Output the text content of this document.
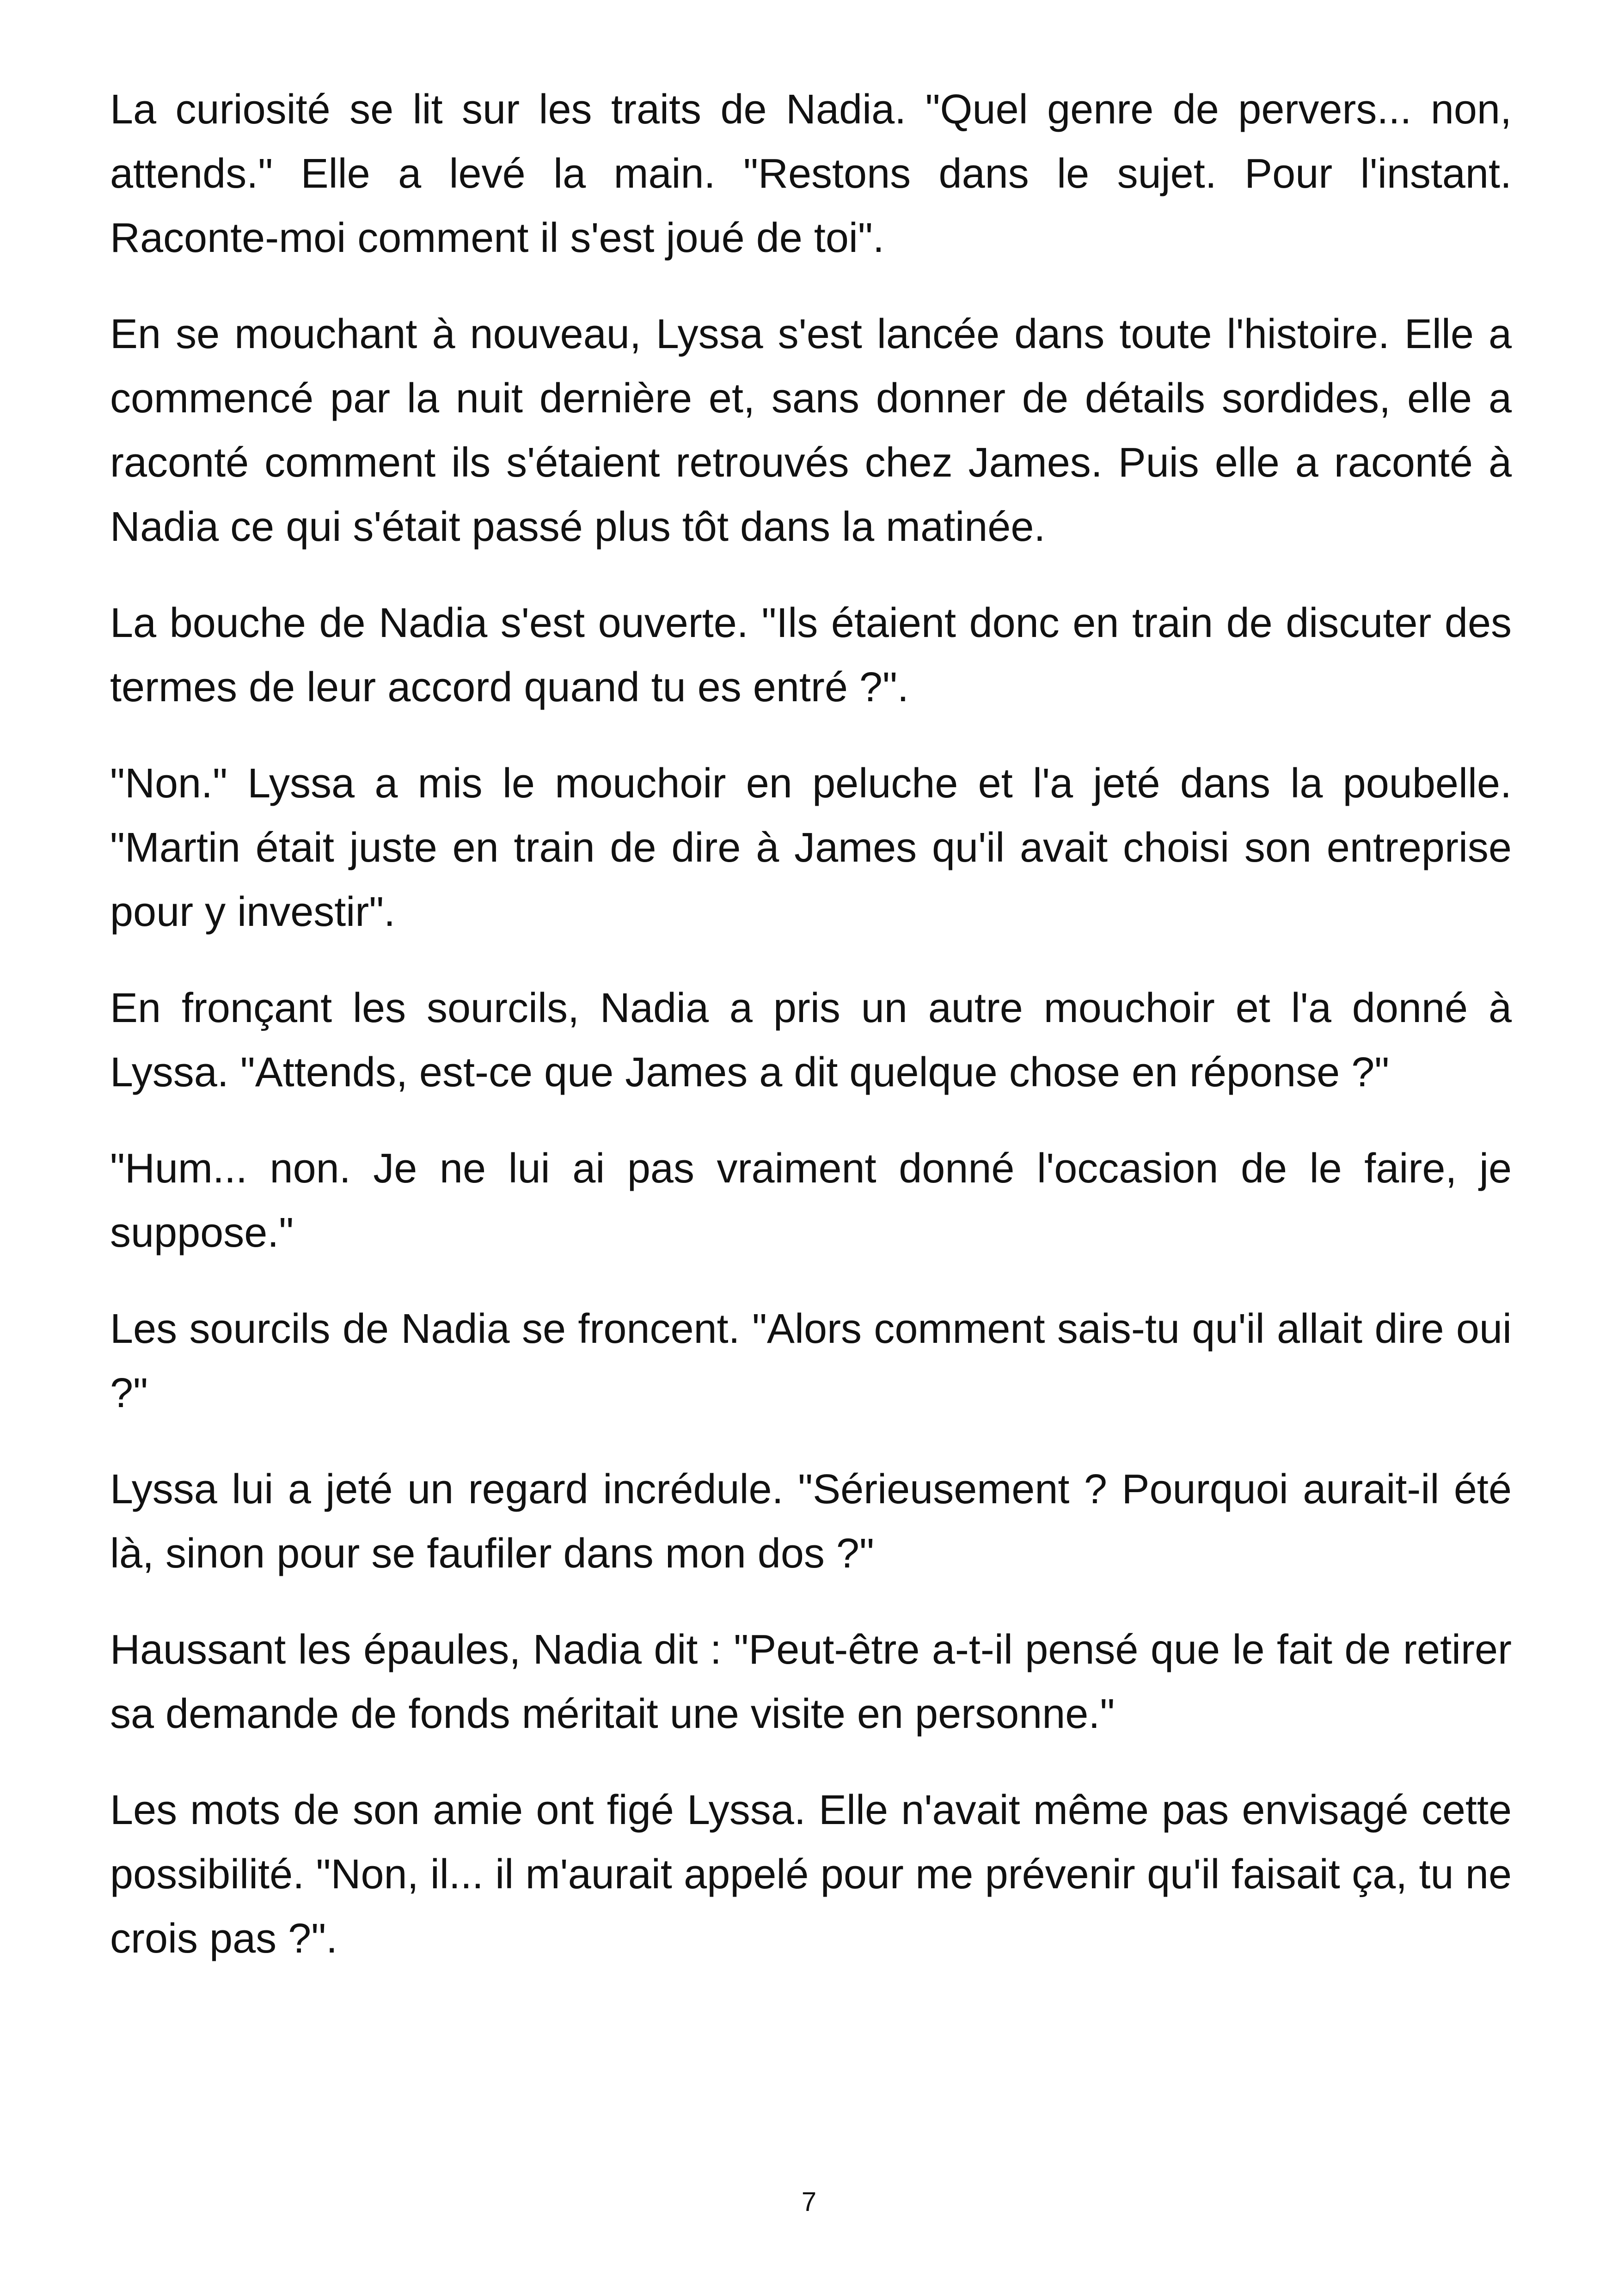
La curiosité se lit sur les traits de Nadia. "Quel genre de pervers... non, attends." Elle a levé la main. "Restons dans le sujet. Pour l'instant. Raconte-moi comment il s'est joué de toi".

En se mouchant à nouveau, Lyssa s'est lancée dans toute l'histoire. Elle a commencé par la nuit dernière et, sans donner de détails sordides, elle a raconté comment ils s'étaient retrouvés chez James. Puis elle a raconté à Nadia ce qui s'était passé plus tôt dans la matinée.

La bouche de Nadia s'est ouverte. "Ils étaient donc en train de discuter des termes de leur accord quand tu es entré ?".

"Non." Lyssa a mis le mouchoir en peluche et l'a jeté dans la poubelle. "Martin était juste en train de dire à James qu'il avait choisi son entreprise pour y investir".

En fronçant les sourcils, Nadia a pris un autre mouchoir et l'a donné à Lyssa. "Attends, est-ce que James a dit quelque chose en réponse ?"

"Hum... non. Je ne lui ai pas vraiment donné l'occasion de le faire, je suppose."

Les sourcils de Nadia se froncent. "Alors comment sais-tu qu'il allait dire oui ?"

Lyssa lui a jeté un regard incrédule. "Sérieusement ? Pourquoi aurait-il été là, sinon pour se faufiler dans mon dos ?"

Haussant les épaules, Nadia dit : "Peut-être a-t-il pensé que le fait de retirer sa demande de fonds méritait une visite en personne."

Les mots de son amie ont figé Lyssa. Elle n'avait même pas envisagé cette possibilité. "Non, il... il m'aurait appelé pour me prévenir qu'il faisait ça, tu ne crois pas ?".

7
